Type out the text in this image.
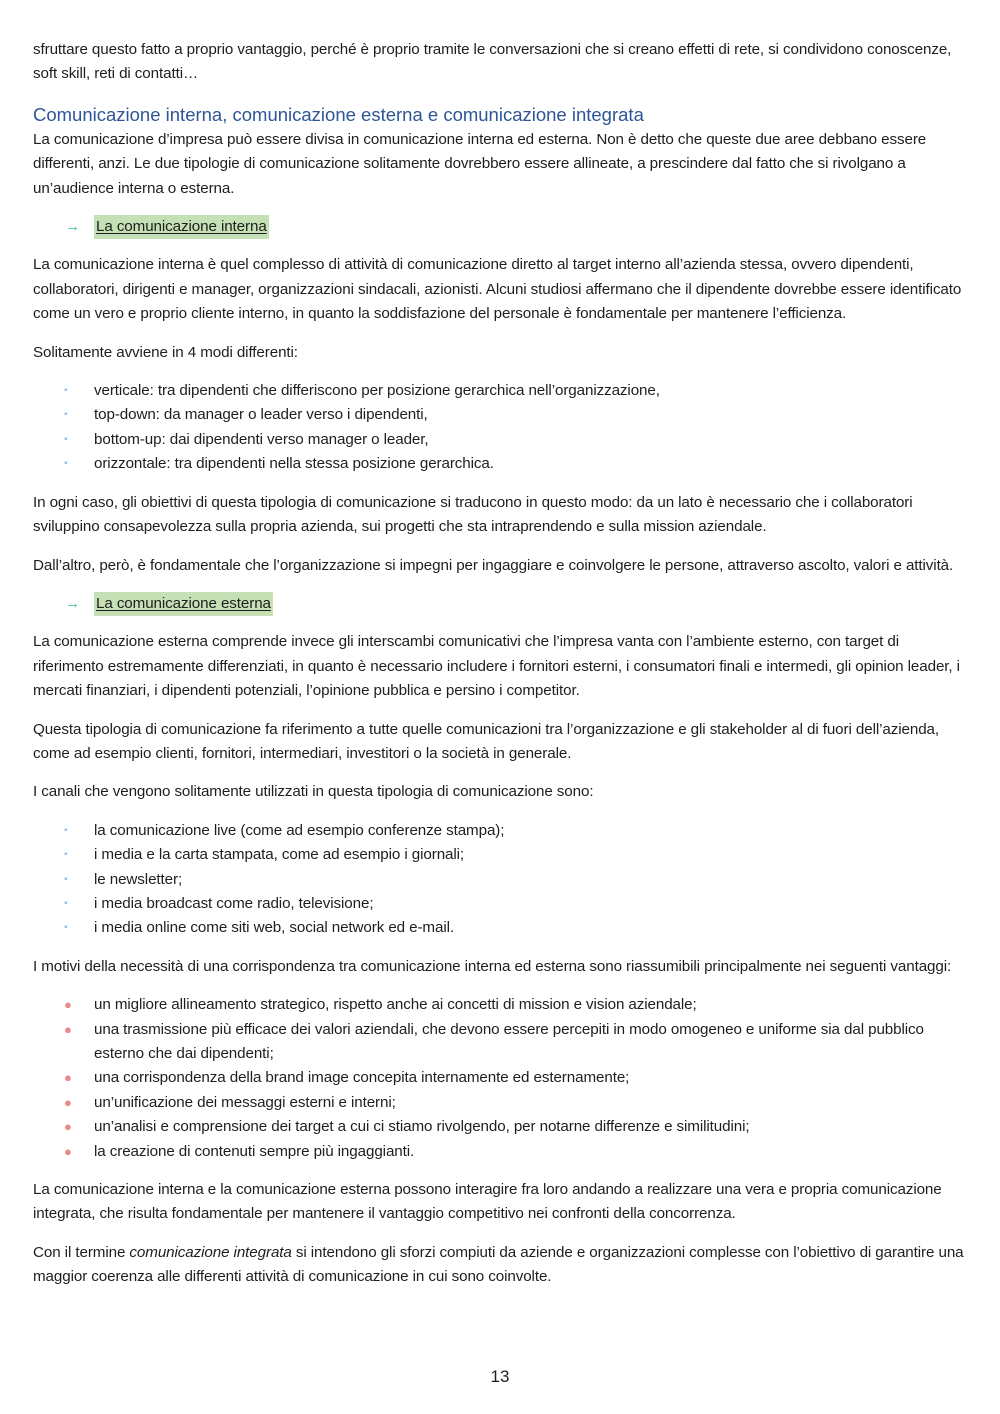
sfruttare questo fatto a proprio vantaggio, perché è proprio tramite le conversazioni che si creano effetti di rete, si condividono conoscenze, soft skill, reti di contatti…

Comunicazione interna, comunicazione esterna e comunicazione integrata

La comunicazione d’impresa può essere divisa in comunicazione interna ed esterna. Non è detto che queste due aree debbano essere differenti, anzi. Le due tipologie di comunicazione solitamente dovrebbero essere allineate, a prescindere dal fatto che si rivolgano a un’audience interna o esterna.

→	La comunicazione interna

La comunicazione interna è quel complesso di attività di comunicazione diretto al target interno all’azienda stessa, ovvero dipendenti, collaboratori, dirigenti e manager, organizzazioni sindacali, azionisti. Alcuni studiosi affermano che il dipendente dovrebbe essere identificato come un vero e proprio cliente interno, in quanto la soddisfazione del personale è fondamentale per mantenere l’efficienza.

Solitamente avviene in 4 modi differenti:

▪ verticale: tra dipendenti che differiscono per posizione gerarchica nell’organizzazione,
▪ top-down: da manager o leader verso i dipendenti,
▪ bottom-up: dai dipendenti verso manager o leader,
▪ orizzontale: tra dipendenti nella stessa posizione gerarchica.

In ogni caso, gli obiettivi di questa tipologia di comunicazione si traducono in questo modo: da un lato è necessario che i collaboratori sviluppino consapevolezza sulla propria azienda, sui progetti che sta intraprendendo e sulla mission aziendale.

Dall’altro, però, è fondamentale che l’organizzazione si impegni per ingaggiare e coinvolgere le persone, attraverso ascolto, valori e attività.

→	La comunicazione esterna

La comunicazione esterna comprende invece gli interscambi comunicativi che l’impresa vanta con l’ambiente esterno, con target di riferimento estremamente differenziati, in quanto è necessario includere i fornitori esterni, i consumatori finali e intermedi, gli opinion leader, i mercati finanziari, i dipendenti potenziali, l’opinione pubblica e persino i competitor.

Questa tipologia di comunicazione fa riferimento a tutte quelle comunicazioni tra l’organizzazione e gli stakeholder al di fuori dell’azienda, come ad esempio clienti, fornitori, intermediari, investitori o la società in generale.

I canali che vengono solitamente utilizzati in questa tipologia di comunicazione sono:

▪ la comunicazione live (come ad esempio conferenze stampa);
▪ i media e la carta stampata, come ad esempio i giornali;
▪ le newsletter;
▪ i media broadcast come radio, televisione;
▪ i media online come siti web, social network ed e-mail.

I motivi della necessità di una corrispondenza tra comunicazione interna ed esterna sono riassumibili principalmente nei seguenti vantaggi:

● un migliore allineamento strategico, rispetto anche ai concetti di mission e vision aziendale;
● una trasmissione più efficace dei valori aziendali, che devono essere percepiti in modo omogeneo e uniforme sia dal pubblico esterno che dai dipendenti;
● una corrispondenza della brand image concepita internamente ed esternamente;
● un’unificazione dei messaggi esterni e interni;
● un’analisi e comprensione dei target a cui ci stiamo rivolgendo, per notarne differenze e similitudini;
● la creazione di contenuti sempre più ingaggianti.

La comunicazione interna e la comunicazione esterna possono interagire fra loro andando a realizzare una vera e propria comunicazione integrata, che risulta fondamentale per mantenere il vantaggio competitivo nei confronti della concorrenza.

Con il termine comunicazione integrata si intendono gli sforzi compiuti da aziende e organizzazioni complesse con l’obiettivo di garantire una maggior coerenza alle differenti attività di comunicazione in cui sono coinvolte.

13
